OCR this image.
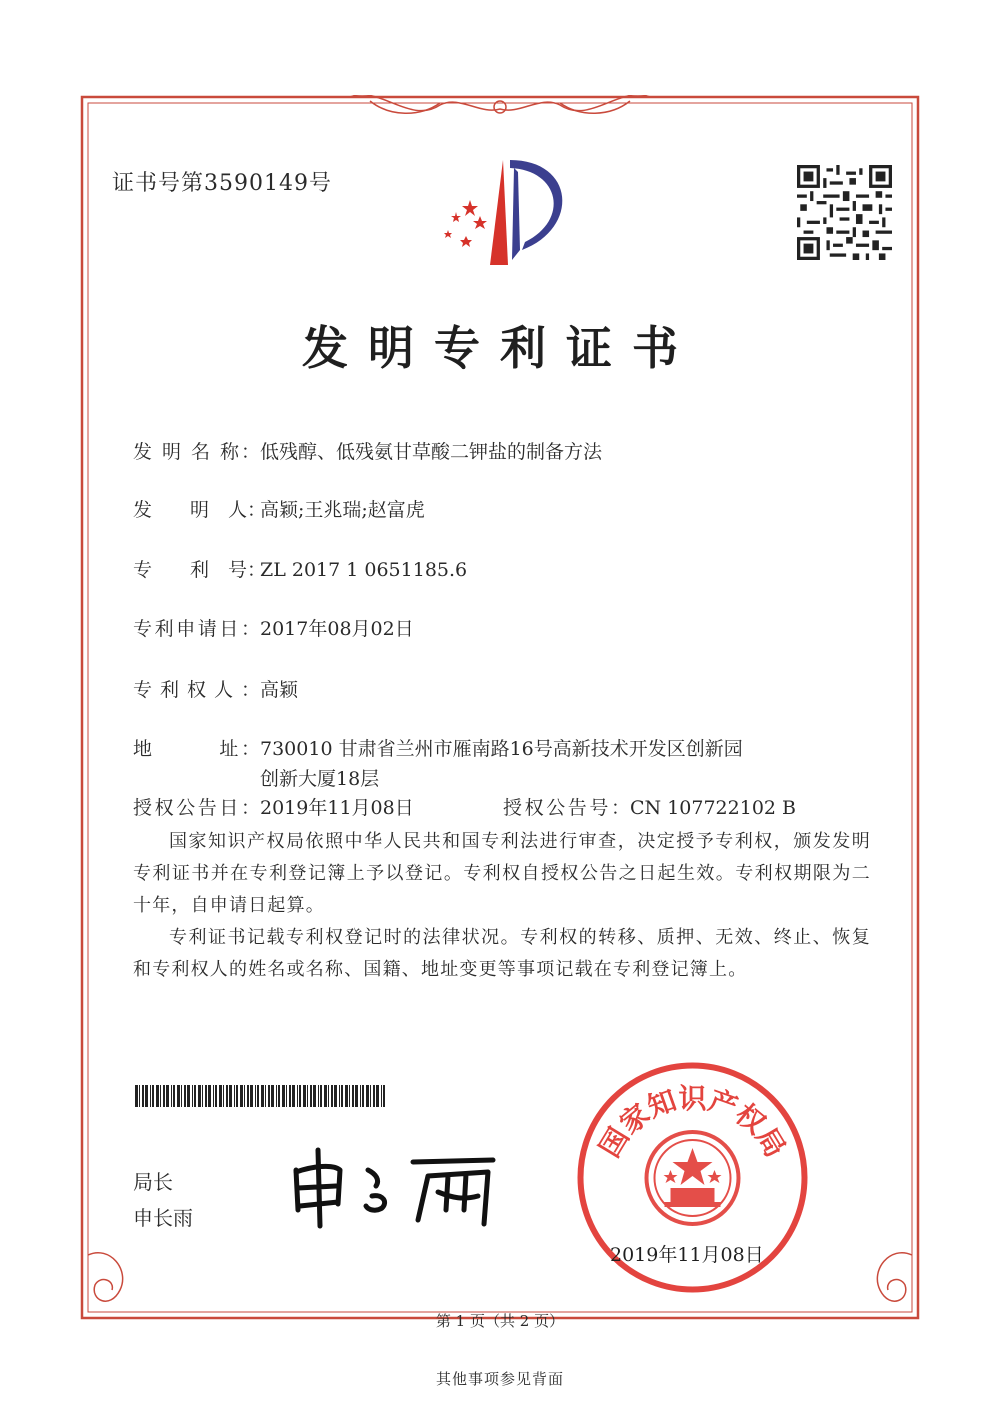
证书号第3590149号
发明专利证书
发 明 名 称： 低残醇、低残氨甘草酸二钾盐的制备方法
发　　明　人：
高颖;王兆瑞;赵富虎
专　　利　号：
ZL 2017 1 0651185.6
专利申请日： 2017年08月02日
专利权人： 高颖
地　　　址： 730010 甘肃省兰州市雁南路16号高新技术开发区创新园
创新大厦18层
授权公告日： 2019年11月08日	授权公告号： CN 107722102 B

国家知识产权局依照中华人民共和国专利法进行审查，决定授予专利权，颁发发明专利证书并在专利登记簿上予以登记。专利权自授权公告之日起生效。专利权期限为二十年，自申请日起算。

专利证书记载专利权登记时的法律状况。专利权的转移、质押、无效、终止、恢复和专利权人的姓名或名称、国籍、地址变更等事项记载在专利登记簿上。

局长
申长雨
国家知识产权局
2019年11月08日
第 1 页（共 2 页）
其他事项参见背面
